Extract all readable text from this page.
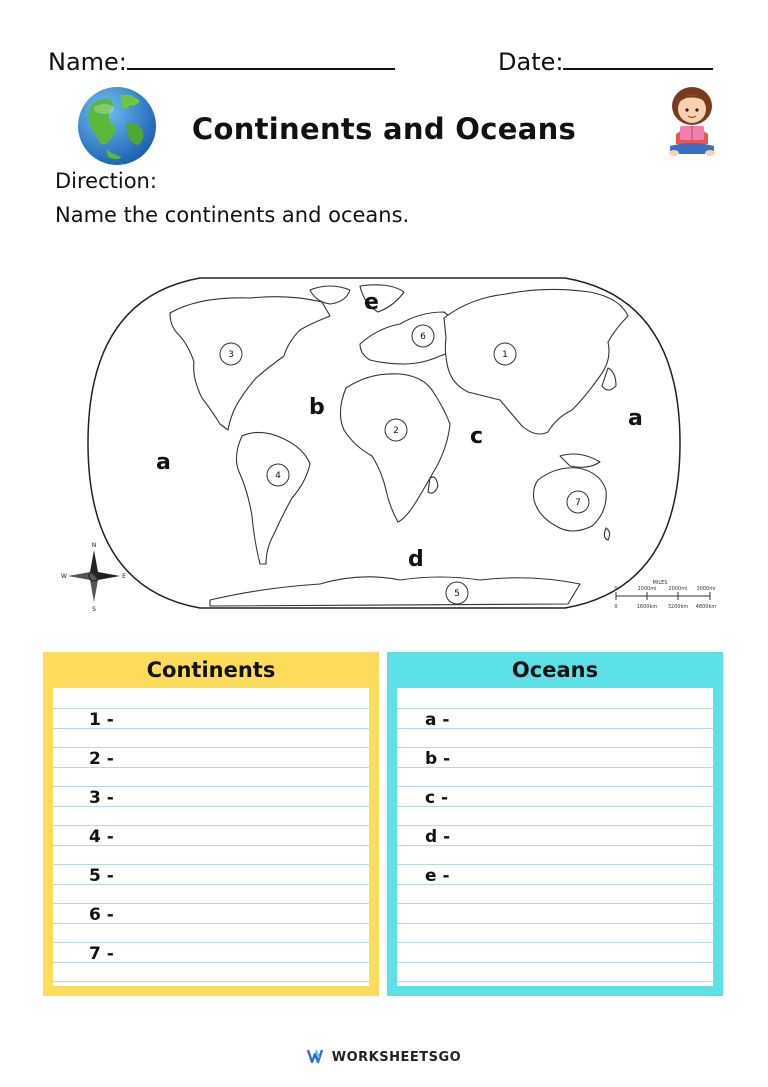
Name:	Date:
Continents and Oceans
Direction:
Name the continents and oceans.
1
2
3
4
5
6
7
N
S
E
W
MILES
0	1000mi 2000mi 3000mi
0	1600km 3200km 4800km
a
a
b
c
d
e
Continents
1 -
2 -
3 -
4 -
5 -
6 -
7 -
Oceans
a -
b -
c -
d -
e -
WORKSHEETSGO
